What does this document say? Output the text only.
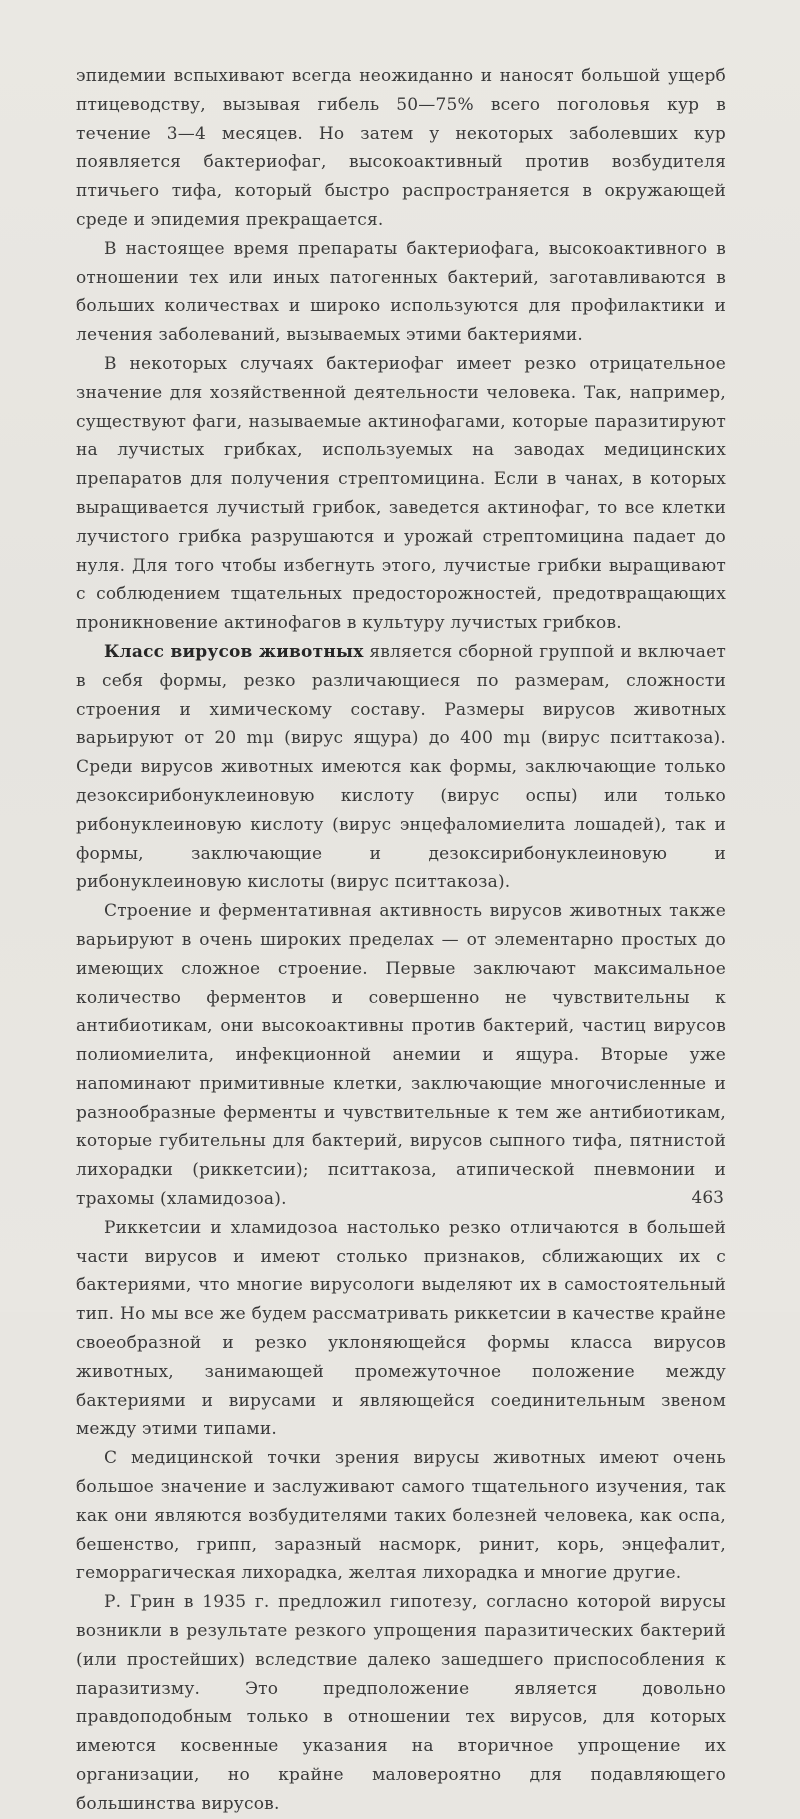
эпидемии вспыхивают всегда неожиданно и наносят большой ущерб птицеводству, вызывая гибель 50—75% всего поголовья кур в течение 3—4 месяцев. Но затем у некоторых заболевших кур появляется бактериофаг, высокоактивный против возбудителя птичьего тифа, который быстро распространяется в окружающей среде и эпидемия прекращается.

В настоящее время препараты бактериофага, высокоактивного в отношении тех или иных патогенных бактерий, заготавливаются в больших количествах и широко используются для профилактики и лечения заболеваний, вызываемых этими бактериями.

В некоторых случаях бактериофаг имеет резко отрицательное значение для хозяйственной деятельности человека. Так, например, существуют фаги, называемые актинофагами, которые паразитируют на лучистых грибках, используемых на заводах медицинских препаратов для получения стрептомицина. Если в чанах, в которых выращивается лучистый грибок, заведется актинофаг, то все клетки лучистого грибка разрушаются и урожай стрептомицина падает до нуля. Для того чтобы избегнуть этого, лучистые грибки выращивают с соблюдением тщательных предосторожностей, предотвращающих проникновение актинофагов в культуру лучистых грибков.

Класс вирусов животных является сборной группой и включает в себя формы, резко различающиеся по размерам, сложности строения и химическому составу. Размеры вирусов животных варьируют от 20 mμ (вирус ящура) до 400 mμ (вирус пситтакоза). Среди вирусов животных имеются как формы, заключающие только дезоксирибонуклеиновую кислоту (вирус оспы) или только рибонуклеиновую кислоту (вирус энцефаломиелита лошадей), так и формы, заключающие и дезоксирибонуклеиновую и рибонуклеиновую кислоты (вирус пситтакоза).

Строение и ферментативная активность вирусов животных также варьируют в очень широких пределах — от элементарно простых до имеющих сложное строение. Первые заключают максимальное количество ферментов и совершенно не чувствительны к антибиотикам, они высокоактивны против бактерий, частиц вирусов полиомиелита, инфекционной анемии и ящура. Вторые уже напоминают примитивные клетки, заключающие многочисленные и разнообразные ферменты и чувствительные к тем же антибиотикам, которые губительны для бактерий, вирусов сыпного тифа, пятнистой лихорадки (риккетсии); пситтакоза, атипической пневмонии и трахомы (хламидозоа).

Риккетсии и хламидозоа настолько резко отличаются в большей части вирусов и имеют столько признаков, сближающих их с бактериями, что многие вирусологи выделяют их в самостоятельный тип. Но мы все же будем рассматривать риккетсии в качестве крайне своеобразной и резко уклоняющейся формы класса вирусов животных, занимающей промежуточное положение между бактериями и вирусами и являющейся соединительным звеном между этими типами.

С медицинской точки зрения вирусы животных имеют очень большое значение и заслуживают самого тщательного изучения, так как они являются возбудителями таких болезней человека, как оспа, бешенство, грипп, заразный насморк, ринит, корь, энцефалит, геморрагическая лихорадка, желтая лихорадка и многие другие.

Р. Грин в 1935 г. предложил гипотезу, согласно которой вирусы возникли в результате резкого упрощения паразитических бактерий (или простейших) вследствие далеко зашедшего приспособления к паразитизму. Это предположение является довольно правдоподобным только в отношении тех вирусов, для которых имеются косвенные указания на вторичное упрощение их организации, но крайне маловероятно для подавляющего большинства вирусов.

463
